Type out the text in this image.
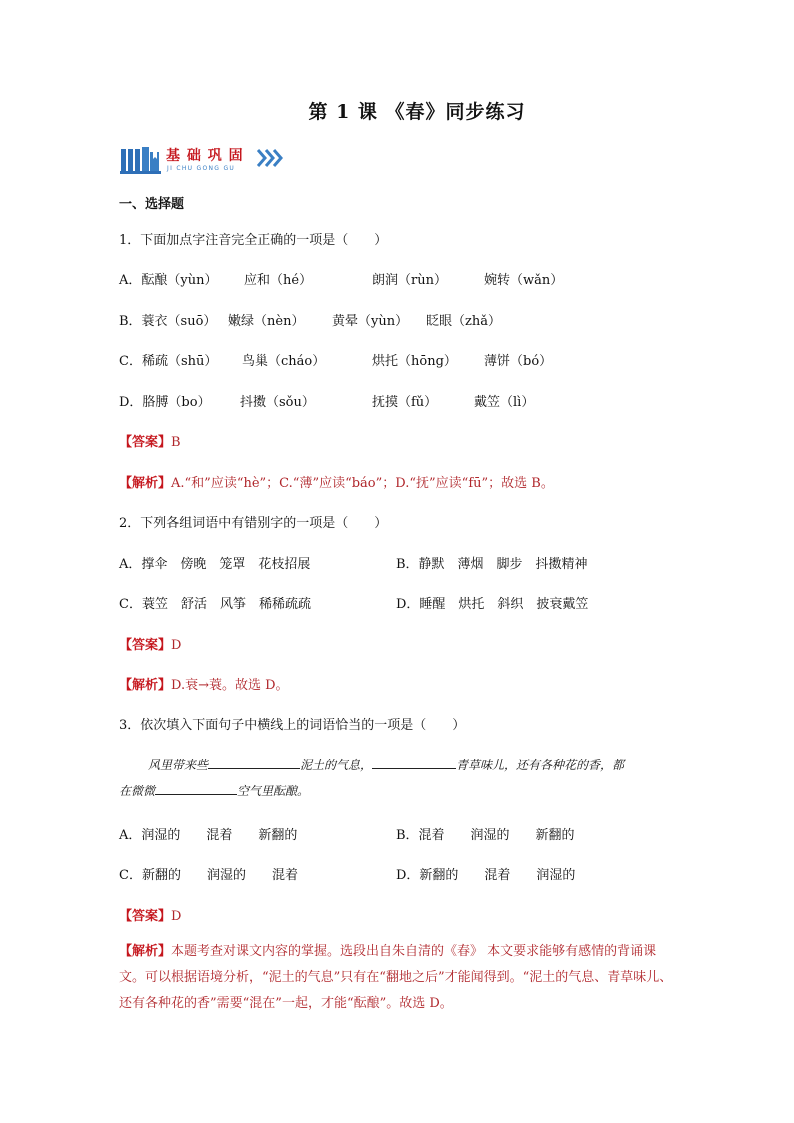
第 1 课 《春》同步练习
基 础 巩 固
JI CHU GONG GU
一、选择题
1．下面加点字注音完全正确的一项是（　　）
A．酝酿（yùn） 应和（hé）	朗润（rùn）	婉转（wǎn）
B．蓑衣（suō） 嫩绿（nèn） 黄晕（yùn） 眨眼（zhǎ）
C．稀疏（shū） 鸟巢（cháo）	烘托（hōng） 薄饼（bó）
D．胳膊（bo） 抖擞（sǒu）	抚摸（fǔ）	戴笠（lì）
【答案】B
【解析】A.“和”应读“hè”；C.“薄”应读“báo”；D.“抚”应读“fū”；故选 B。
2．下列各组词语中有错别字的一项是（　　）
A．撑伞　傍晚　笼罩　花枝招展	B．静默　薄烟　脚步　抖擞精神
C．蓑笠　舒活　风筝　稀稀疏疏	D．睡醒　烘托　斜织　披衰戴笠
【答案】D
【解析】D.衰→蓑。故选 D。
3．依次填入下面句子中横线上的词语恰当的一项是（　　）
风里带来些	泥土的气息，	青草味儿，还有各种花的香，都
在微微	空气里酝酿。
A．润湿的　　混着　　新翻的	B．混着　　润湿的　　新翻的
C．新翻的　　润湿的　　混着	D．新翻的　　混着　　润湿的
【答案】D
【解析】本题考查对课文内容的掌握。选段出自朱自清的《春》 本文要求能够有感情的背诵课文。可以根据语境分析，“泥土的气息”只有在“翻地之后”才能闻得到。“泥土的气息、青草味儿、还有各种花的香”需要“混在”一起，才能“酝酿”。故选 D。
